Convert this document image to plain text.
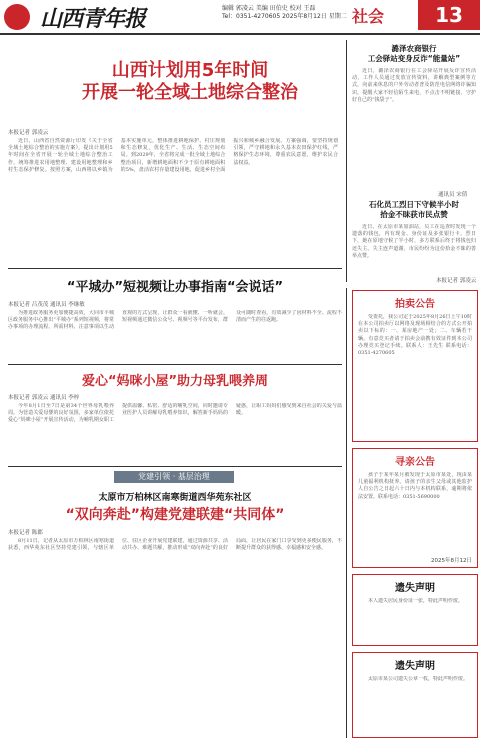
山西青年报	编辑 郭凌云 美编 田伯史 校对 王磊
Tel：0351-4270605 2025年8月12日 星期二 社会	13
山西计划用5年时间
开展一轮全域土地综合整治
本报记者 郭凌云

近日，山西省自然资源厅印发《关于全省全域土地综合整治的实施方案》，提出计划用5年时间在全省开展一轮全域土地综合整治工作，统筹推进农用地整理、建设用地整理和乡村生态保护修复。按照方案，山西将以乡镇为基本实施单元，整体推进耕地保护、村庄规划和生态修复，优化生产、生活、生态空间布局。到2029年，全省将完成一批全域土地综合整治项目，新增耕地面积不少于原有耕地面积的5%，盘活农村存量建设用地，促进乡村全面振兴和城乡融合发展。方案强调，要坚持规划引领，严守耕地和永久基本农田保护红线，严格保护生态环境，尊重农民意愿，维护农民合法权益。

潞泽农商银行
工会驿站变身反诈“能量站”

近日，潞泽农商银行在工会驿站开展反诈宣传活动，工作人员通过发放宣传资料、讲解典型案例等方式，向前来休息的户外劳动者普及防范电信网络诈骗知识，提醒大家不轻信陌生来电，不点击不明链接，守护好自己的“钱袋子”。

通讯员 宋倩
石化员工烈日下守候半小时
拾金不昧获市民点赞

近日，在太原市某加油站，员工在巡查时发现一个遗落的钱包，内有现金、身份证及多张银行卡。烈日下，她在原地守候了半小时，多方联系后终于将钱包归还失主。失主连声道谢，市民纷纷为这份拾金不昧的善举点赞。

本报记者 郭凌云
“平城办”短视频让办事指南“会说话”
本报记者 吕茂茂 通讯员 李继敏

为推进政务服务更加便捷高效，大同市平城区政务服务中心推出“平城办”系列短视频，将常办事项的办理流程、所需材料、注意事项以生动直观的方式呈现，让群众一看就懂、一听就会。短视频通过微信公众号、视频号等平台发布，群众可随时查看，有效减少了因材料不全、流程不清而产生的往返跑。

爱心“妈咪小屋”助力母乳喂养周
本报记者 郭凌云 通讯员 李梓

今年8月1日至7日是第34个世界母乳喂养周。为营造关爱母婴的良好氛围，多家单位依托爱心“妈咪小屋”开展宣传活动，为哺乳期女职工提供温馨、私密、舒适的哺乳空间，同时邀请专业医护人员讲解母乳喂养知识，解答新手妈妈的疑惑，让职工妈妈们感受到来自社会的关爱与温暖。

党建引领 · 基层治理
太原市万柏林区南寒街道西华苑东社区
“双向奔赴”构建党建联建“共同体”
本报记者 陈郡

8月11日，记者从太原市万柏林区南寒街道获悉，西华苑东社区坚持党建引领，与辖区单位、驻区企业开展党建联建，通过资源共享、活动共办、难题共解，推动形成“双向奔赴”的良好局面，让居民在家门口享受到更多便民服务，不断提升群众的获得感、幸福感和安全感。

拍卖公告

受委托，我公司定于2025年8月26日上午10时在本公司拍卖厅以网络及现场相结合的方式公开拍卖以下标的：一、某房地产一处；二、车辆若干辆。有意竞买者请于拍卖会前携有效证件到本公司办理竞买登记手续。联系人：王先生 联系电话：0351-4270605

寻亲公告

孩子于某年某月被发现于太原市某处，现由某儿童福利机构抚养。请孩子的亲生父母或其他监护人自公告之日起六十日内与本机构联系，逾期将依法安置。联系电话：0351-5690000

2025年8月12日
遗失声明

本人遗失居民身份证一张，特此声明作废。

遗失声明

太原市某公司遗失公章一枚，特此声明作废。
